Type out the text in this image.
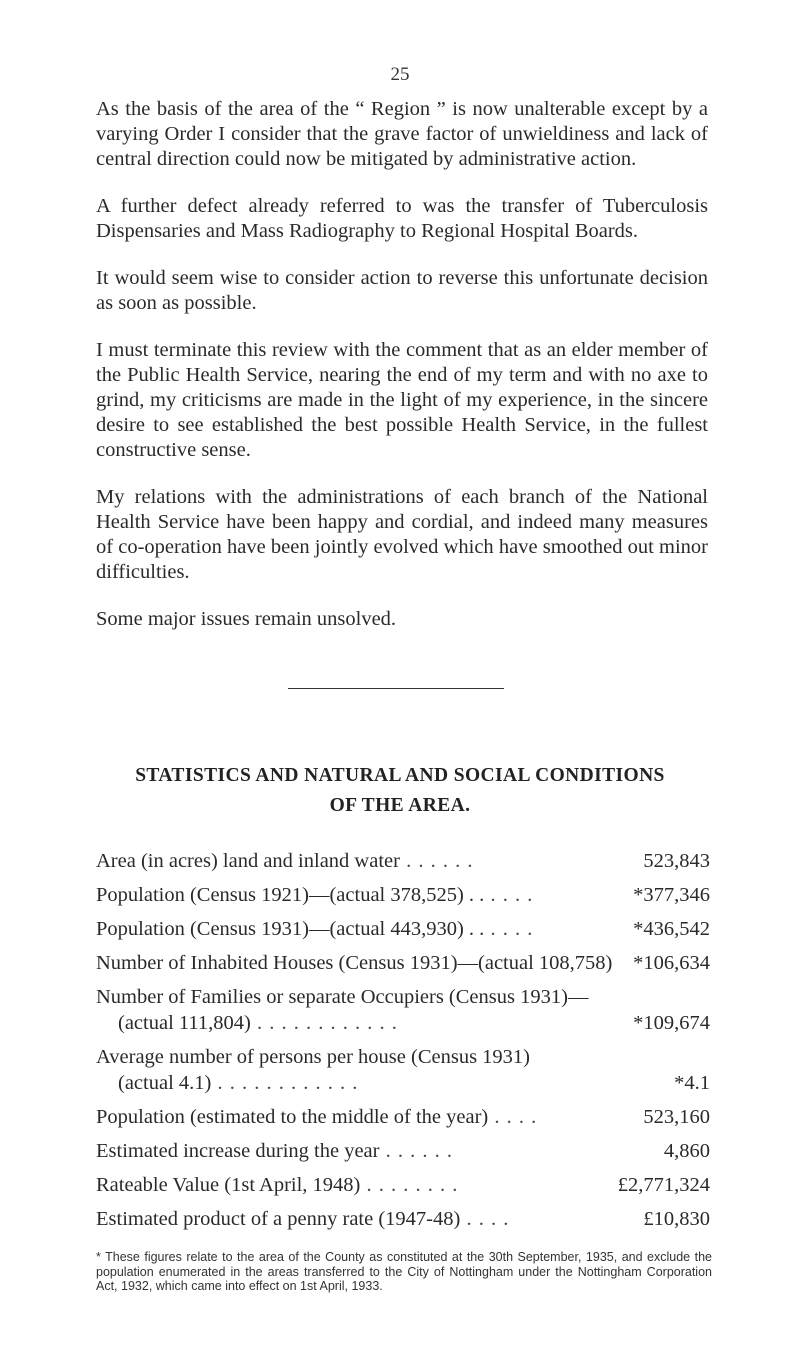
25

As the basis of the area of the “ Region ” is now unalterable except by a varying Order I consider that the grave factor of unwieldiness and lack of central direction could now be mitigated by administrative action.

A further defect already referred to was the transfer of Tuberculosis Dispensaries and Mass Radiography to Regional Hospital Boards.

It would seem wise to consider action to reverse this unfortunate decision as soon as possible.

I must terminate this review with the comment that as an elder member of the Public Health Service, nearing the end of my term and with no axe to grind, my criticisms are made in the light of my experience, in the sincere desire to see established the best possible Health Service, in the fullest constructive sense.

My relations with the administrations of each branch of the National Health Service have been happy and cordial, and indeed many measures of co-operation have been jointly evolved which have smoothed out minor difficulties.

Some major issues remain unsolved.

STATISTICS AND NATURAL AND SOCIAL CONDITIONS
OF THE AREA.
Area (in acres) land and inland water . . . . . .	523,843
Population (Census 1921)—(actual 378,525) . . . . . .	*377,346
Population (Census 1931)—(actual 443,930) . . . . . .	*436,542
Number of Inhabited Houses (Census 1931)—(actual 108,758)	*106,634
Number of Families or separate Occupiers (Census 1931)—
(actual 111,804) . . . . . . . . . . . .	*109,674
Average number of persons per house (Census 1931)
(actual 4.1) . . . . . . . . . . . .	*4.1
Population (estimated to the middle of the year) . . . .	523,160
Estimated increase during the year . . . . . .	4,860
Rateable Value (1st April, 1948) . . . . . . . .	£2,771,324
Estimated product of a penny rate (1947-48) . . . .	£10,830
* These figures relate to the area of the County as constituted at the 30th September, 1935, and exclude the population enumerated in the areas transferred to the City of Nottingham under the Nottingham Corporation Act, 1932, which came into effect on 1st April, 1933.
